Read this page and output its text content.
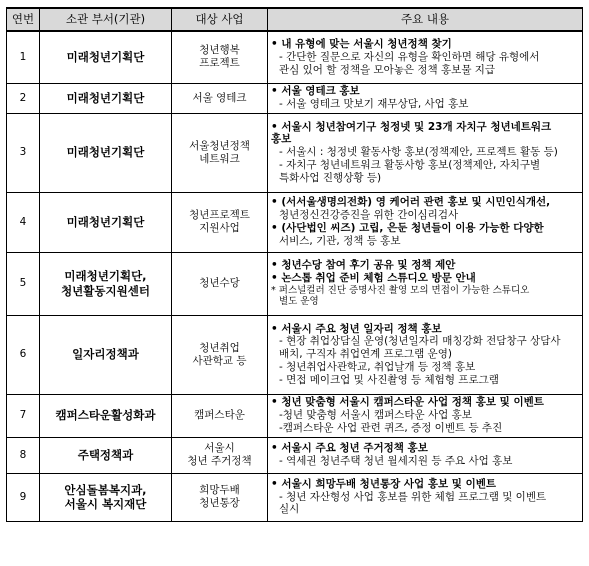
연번	소관 부서(기관)	대상 사업	주요 내용
1	미래청년기획단	청년행복
프로젝트	• 내 유형에 맞는 서울시 청년정책 찾기
- 간단한 질문으로 자신의 유형을 확인하면 해당 유형에서
관심 있어 할 정책을 모아놓은 정책 홍보물 지급

2	미래청년기획단	서울 영테크	• 서울 영테크 홍보
- 서울 영테크 맛보기 재무상담, 사업 홍보

3	미래청년기획단	서울청년정책
네트워크	• 서울시 청년참여기구 청정넷 및 23개 자치구 청년네트워크
홍보
- 서울시 : 청정넷 활동사항 홍보(정책제안, 프로젝트 활동 등)
- 자치구 청년네트워크 활동사항 홍보(정책제안, 자치구별
특화사업 진행상황 등)

4	미래청년기획단	청년프로젝트
지원사업	• (서서울생명의전화) 영 케어러 관련 홍보 및 시민인식개선,
청년정신건강증진을 위한 간이심리검사
• (사단법인 씨즈) 고립, 은둔 청년들이 이용 가능한 다양한
서비스, 기관, 정책 등 홍보

5	미래청년기획단,
청년활동지원센터	청년수당	• 청년수당 참여 후기 공유 및 정책 제안
• 논스톱 취업 준비 체험 스튜디오 방문 안내
* 퍼스널컬러 진단 증명사진 촬영 모의 면접이 가능한 스튜디오
별도 운영

6	일자리정책과	청년취업
사관학교 등	• 서울시 주요 청년 일자리 정책 홍보
- 현장 취업상담실 운영(청년일자리 매칭강화 전담창구 상담사
배치, 구직자 취업연계 프로그램 운영)
- 청년취업사관학교, 취업날개 등 정책 홍보
- 면접 메이크업 및 사진촬영 등 체험형 프로그램

7	캠퍼스타운활성화과	캠퍼스타운	• 청년 맞춤형 서울시 캠퍼스타운 사업 정책 홍보 및 이벤트
-청년 맞춤형 서울시 캠퍼스타운 사업 홍보
-캠퍼스타운 사업 관련 퀴즈, 증정 이벤트 등 추진

8	주택정책과	서울시
청년 주거정책	• 서울시 주요 청년 주거정책 홍보
- 역세권 청년주택 청년 월세지원 등 주요 사업 홍보

9	안심돌봄복지과,
서울시 복지재단	희망두배
청년통장	• 서울시 희망두배 청년통장 사업 홍보 및 이벤트
- 청년 자산형성 사업 홍보를 위한 체험 프로그램 및 이벤트
실시
